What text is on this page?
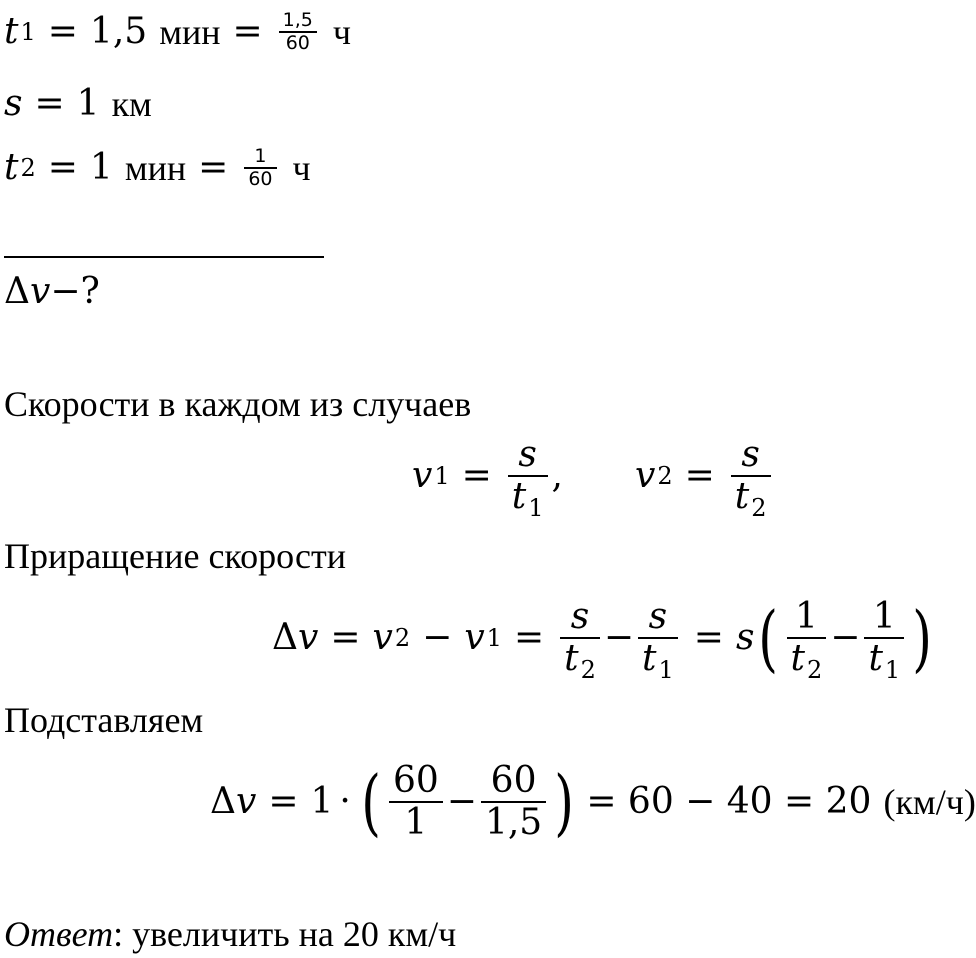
t 1 = 1,5 мин = $\frac{1,5}{60}$ ч
s = 1 км
t 2 = 1 мин = $\frac{1}{60}$ ч
Δ v −?
Скорости в каждом из случаев
v $1 = \frac{s}{t_1}$ , v $2 = \frac{s}{t_2}$
Приращение скорости
Δ v = v 2 − v $1 = \frac{s}{t_2} - \frac{s}{t_1} = s$ ( $\frac{1}{t_2} - \frac{1}{t_1}$ )
Подставляем
Δ v = 1 · ( $\frac{60}{1} - \frac{60}{1,5}$ ) = 60 − 40 = 20 (км/ч)
Ответ: увеличить на 20 км/ч
